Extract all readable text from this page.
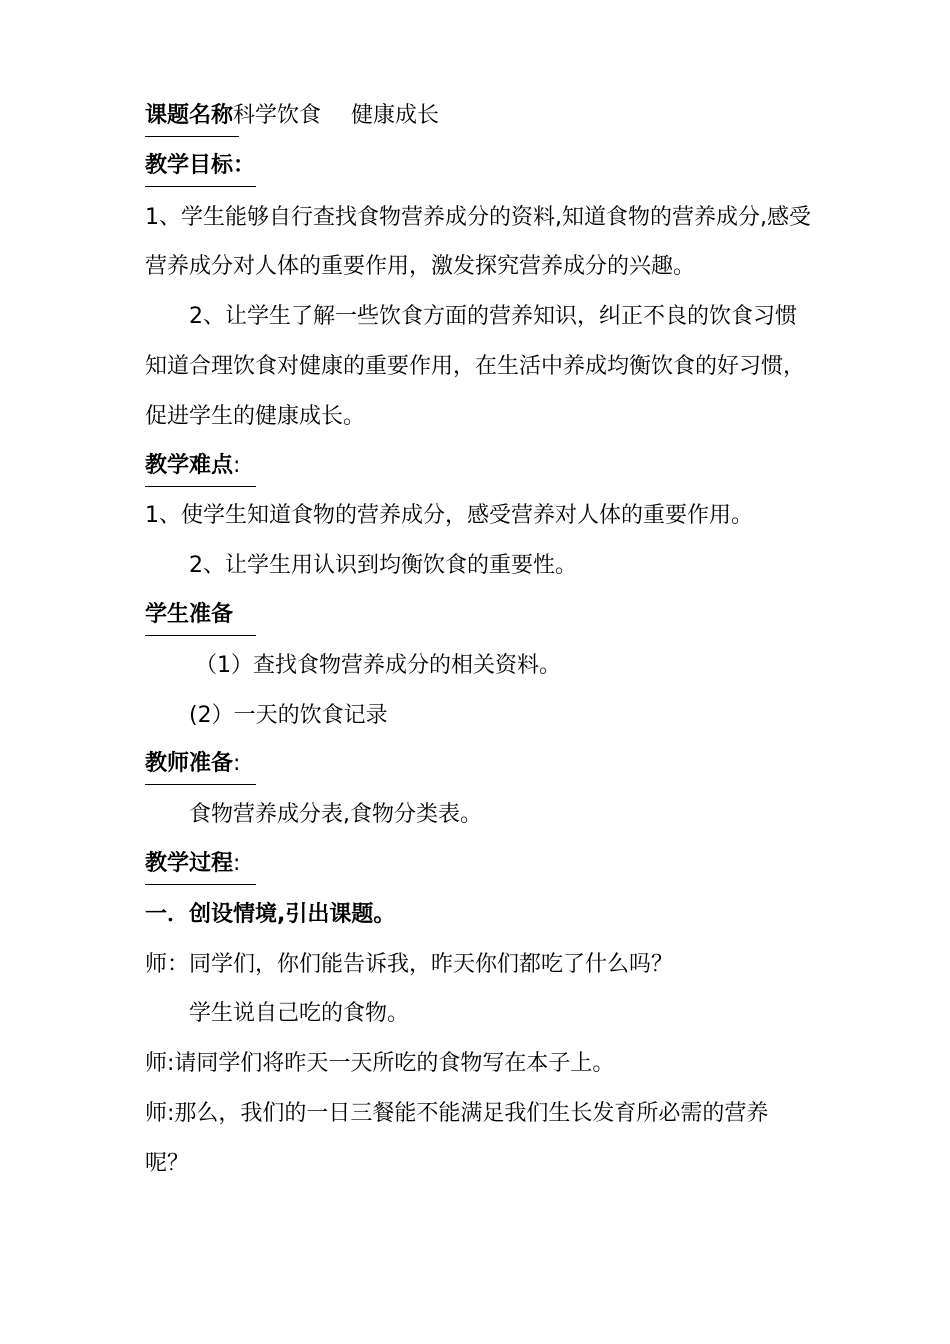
课题名称科学饮食 健康成长
教学目标：
1、学生能够自行查找食物营养成分的资料,知道食物的营养成分,感受
营养成分对人体的重要作用，激发探究营养成分的兴趣。
2、让学生了解一些饮食方面的营养知识，纠正不良的饮食习惯
知道合理饮食对健康的重要作用，在生活中养成均衡饮食的好习惯，
促进学生的健康成长。
教学难点:
1、使学生知道食物的营养成分，感受营养对人体的重要作用。
2、让学生用认识到均衡饮食的重要性。
学生准备
（1）查找食物营养成分的相关资料。
(2）一天的饮食记录
教师准备:
食物营养成分表,食物分类表。
教学过程:
一．创设情境,引出课题。
师：同学们，你们能告诉我，昨天你们都吃了什么吗？
学生说自己吃的食物。
师:请同学们将昨天一天所吃的食物写在本子上。
师:那么，我们的一日三餐能不能满足我们生长发育所必需的营养
呢？
